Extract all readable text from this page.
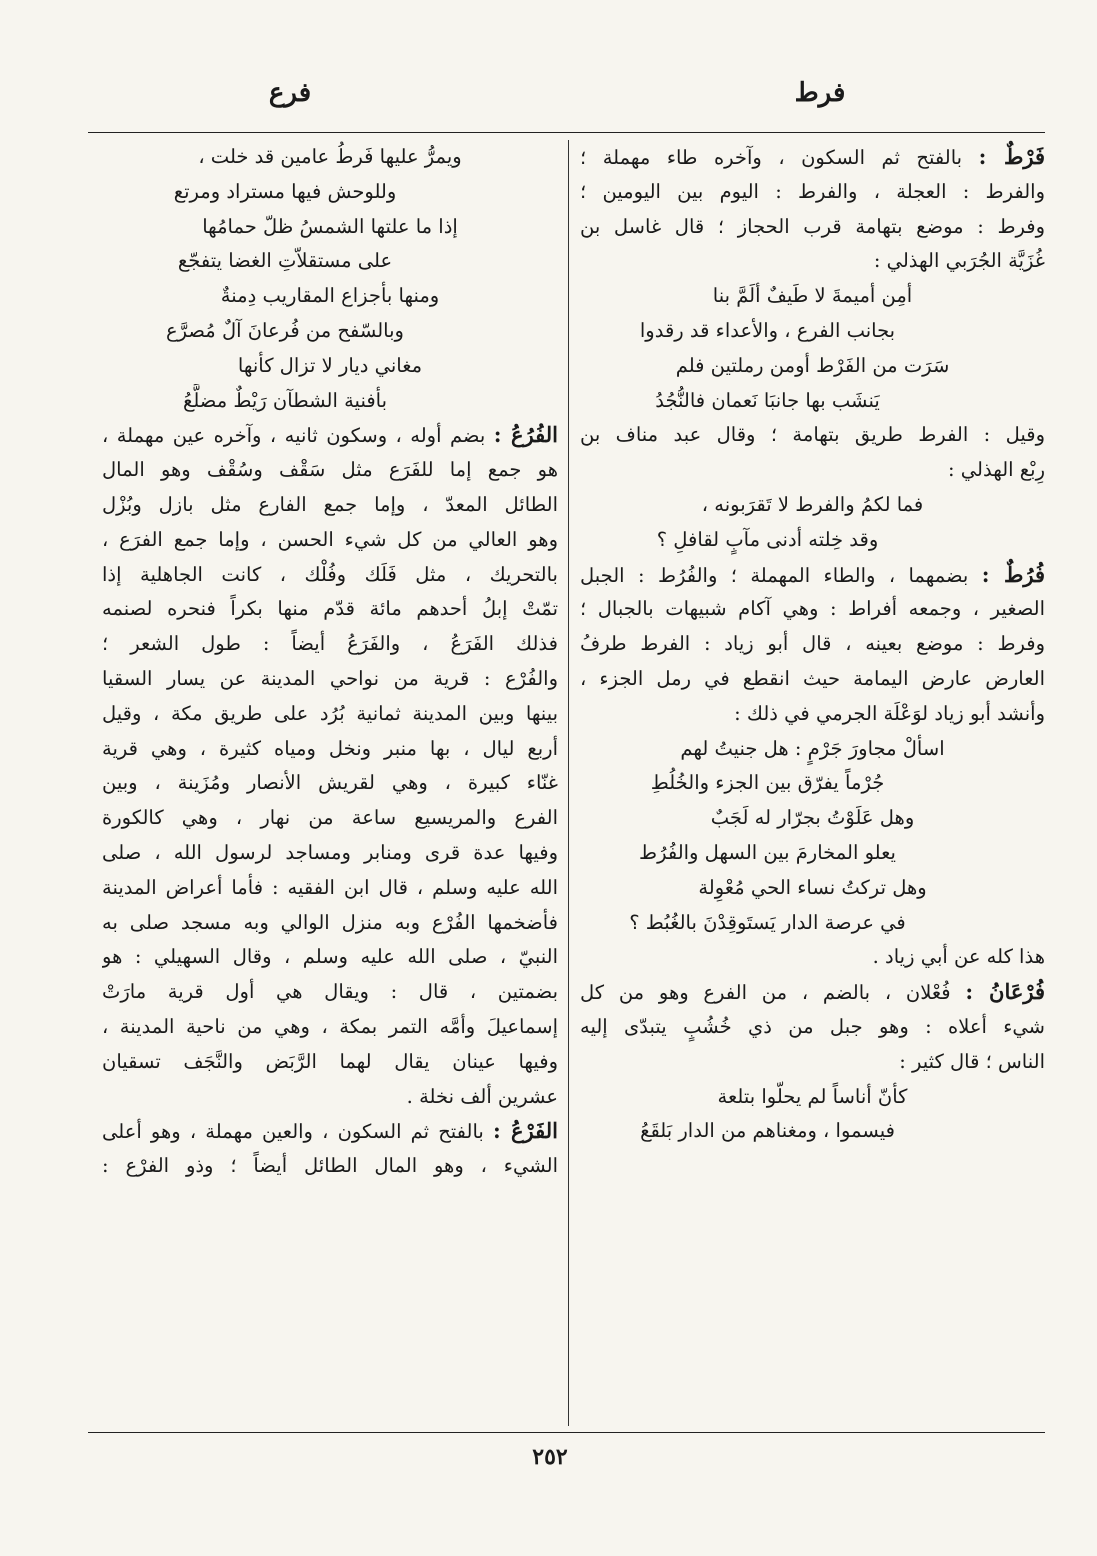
فرط
فرع
فَرْطٌ : بالفتح ثم السكون ، وآخره طاء مهملة ؛
والفرط : العجلة ، والفرط : اليوم بين اليومين ؛
وفرط : موضع بتهامة قرب الحجاز ؛ قال غاسل بن
غُزَيَّة الجُرَبي الهذلي :
أمِن أميمةَ لا طَيفٌ ألَمَّ بنا
بجانب الفرع ، والأعداء قد رقدوا
سَرَت من الفَرْط أومن رملتين فلم
يَنشَب بها جانبَا نَعمان فالنُّجُدُ
وقيل : الفرط طريق بتهامة ؛ وقال عبد مناف بن
رِبْع الهذلي :
فما لكمُ والفرط لا تَقرَبونه ،
وقد خِلته أدنى مآبٍ لقافلِ ؟
فُرُطٌ : بضمهما ، والطاء المهملة ؛ والفُرُط : الجبل
الصغير ، وجمعه أفراط : وهي آكام شبيهات بالجبال ؛
وفرط : موضع بعينه ، قال أبو زياد : الفرط طرفُ
العارض عارض اليمامة حيث انقطع في رمل الجزء ،
وأنشد أبو زياد لوَعْلَة الجرمي في ذلك :
اسألْ مجاورَ جَرْمٍ : هل جنيتُ لهم
جُرْماً يفرّق بين الجزء والخُلُطِ
وهل عَلَوْتُ بجرّار له لَجَبٌ
يعلو المخارمَ بين السهل والفُرُط
وهل تركتُ نساء الحي مُعْوِلة
في عرصة الدار يَستَوقِدْنَ بالغُبُط ؟
هذا كله عن أبي زياد .
فُرْعَانُ : فُعْلان ، بالضم ، من الفرع وهو من كل
شيء أعلاه : وهو جبل من ذي خُشُبٍ يتبدّى إليه
الناس ؛ قال كثير :
كأنّ أناساً لم يحلّوا بتلعة
فيسموا ، ومغناهم من الدار بَلقَعُ
ويمرُّ عليها فَرطُ عامين قد خلت ،
وللوحش فيها مستراد ومرتع
إذا ما علتها الشمسُ ظلّ حمامُها
على مستقلاّتِ الغضا يتفجّع
ومنها بأجزاع المقاريب دِمنةٌ
وبالسّفح من فُرعانَ آلٌ مُصرَّع
مغاني ديار لا تزال كأنها
بأفنية الشطآن رَيْطٌ مضلَّعُ
الفُرُعُ : بضم أوله ، وسكون ثانيه ، وآخره عين مهملة ،
هو جمع إما للفَرَع مثل سَقْف وسُقْف وهو المال
الطائل المعدّ ، وإما جمع الفارع مثل بازل وبُزْل
وهو العالي من كل شيء الحسن ، وإما جمع الفرَع ،
بالتحريك ، مثل فَلَك وفُلْك ، كانت الجاهلية إذا
تمّتْ إبلُ أحدهم مائة قدّم منها بكراً فنحره لصنمه
فذلك الفَرَعُ ، والفَرَعُ أيضاً : طول الشعر ؛
والفُرْع : قرية من نواحي المدينة عن يسار السقيا
بينها وبين المدينة ثمانية بُرُد على طريق مكة ، وقيل
أربع ليال ، بها منبر ونخل ومياه كثيرة ، وهي قرية
غنّاء كبيرة ، وهي لقريش الأنصار ومُزَينة ، وبين
الفرع والمريسيع ساعة من نهار ، وهي كالكورة
وفيها عدة قرى ومنابر ومساجد لرسول الله ، صلى
الله عليه وسلم ، قال ابن الفقيه : فأما أعراض المدينة
فأضخمها الفُرْع وبه منزل الوالي وبه مسجد صلى به
النبيّ ، صلى الله عليه وسلم ، وقال السهيلي : هو
بضمتين ، قال : ويقال هي أول قرية مارَتْ
إسماعيلَ وأمَّه التمر بمكة ، وهي من ناحية المدينة ،
وفيها عينان يقال لهما الرَّبَض والنَّجَف تسقيان
عشرين ألف نخلة .
الفَرْعُ : بالفتح ثم السكون ، والعين مهملة ، وهو أعلى
الشيء ، وهو المال الطائل أيضاً ؛ وذو الفرْع :
٢٥٢
